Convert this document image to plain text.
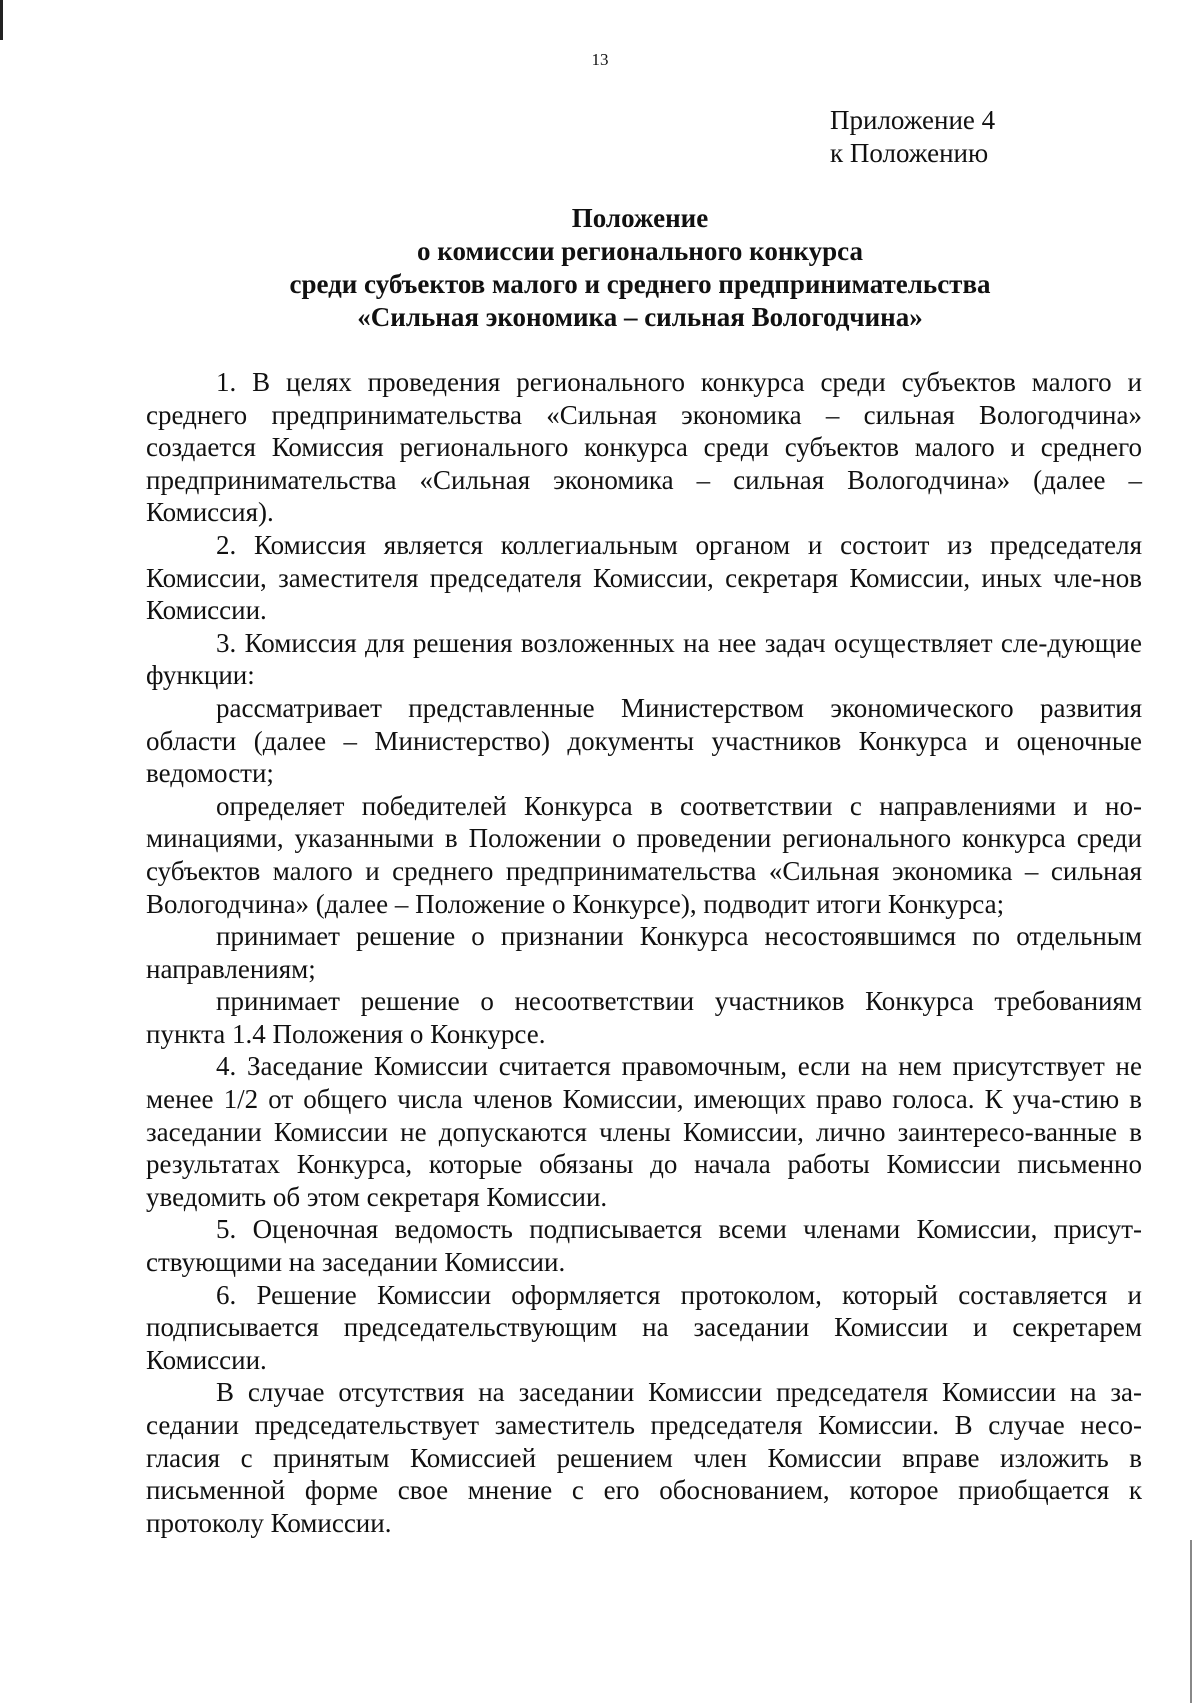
13
Приложение 4
к Положению
Положение
о комиссии регионального конкурса
среди субъектов малого и среднего предпринимательства
«Сильная экономика – сильная Вологодчина»

1. В целях проведения регионального конкурса среди субъектов малого и среднего предпринимательства «Сильная экономика – сильная Вологодчина» создается Комиссия регионального конкурса среди субъектов малого и среднего предпринимательства «Сильная экономика – сильная Вологодчина» (далее – Комиссия).

2. Комиссия является коллегиальным органом и состоит из председателя Комиссии, заместителя председателя Комиссии, секретаря Комиссии, иных чле-нов Комиссии.

3. Комиссия для решения возложенных на нее задач осуществляет сле-дующие функции:

рассматривает представленные Министерством экономического развития области (далее – Министерство) документы участников Конкурса и оценочные ведомости;

определяет победителей Конкурса в соответствии с направлениями и но-минациями, указанными в Положении о проведении регионального конкурса среди субъектов малого и среднего предпринимательства «Сильная экономика – сильная Вологодчина» (далее – Положение о Конкурсе), подводит итоги Конкурса;

принимает решение о признании Конкурса несостоявшимся по отдельным направлениям;

принимает решение о несоответствии участников Конкурса требованиям пункта 1.4 Положения о Конкурсе.

4. Заседание Комиссии считается правомочным, если на нем присутствует не менее 1/2 от общего числа членов Комиссии, имеющих право голоса. К уча-стию в заседании Комиссии не допускаются члены Комиссии, лично заинтересо-ванные в результатах Конкурса, которые обязаны до начала работы Комиссии письменно уведомить об этом секретаря Комиссии.

5. Оценочная ведомость подписывается всеми членами Комиссии, присут-ствующими на заседании Комиссии.

6. Решение Комиссии оформляется протоколом, который составляется и подписывается председательствующим на заседании Комиссии и секретарем Комиссии.

В случае отсутствия на заседании Комиссии председателя Комиссии на за-седании председательствует заместитель председателя Комиссии. В случае несо-гласия с принятым Комиссией решением член Комиссии вправе изложить в письменной форме свое мнение с его обоснованием, которое приобщается к протоколу Комиссии.
